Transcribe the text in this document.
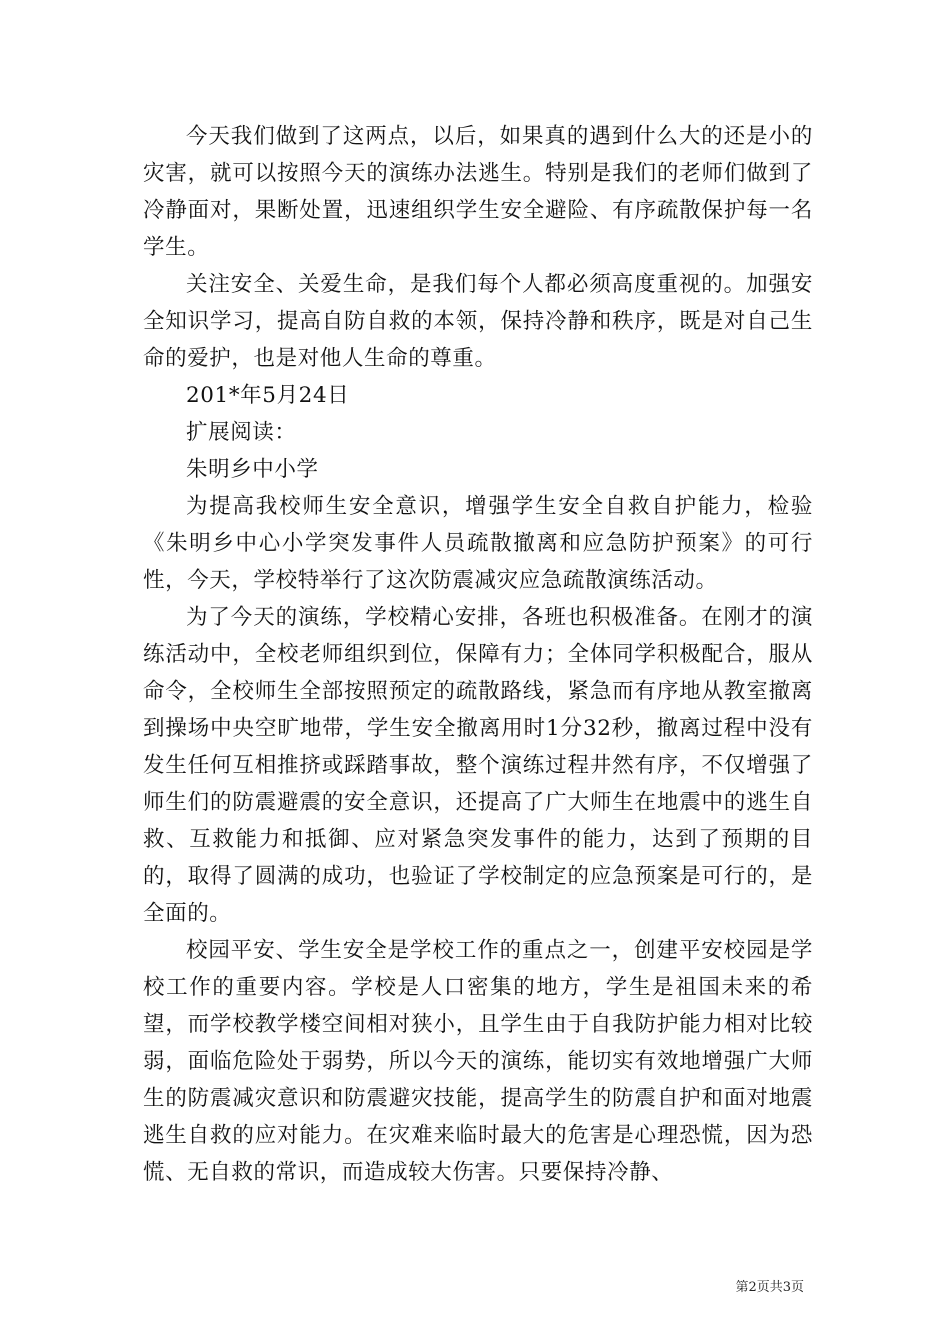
今天我们做到了这两点，以后，如果真的遇到什么大的还是小的灾害，就可以按照今天的演练办法逃生。特别是我们的老师们做到了冷静面对，果断处置，迅速组织学生安全避险、有序疏散保护每一名学生。

关注安全、关爱生命，是我们每个人都必须高度重视的。加强安全知识学习，提高自防自救的本领，保持冷静和秩序，既是对自己生命的爱护，也是对他人生命的尊重。

201*年5月24日

扩展阅读：

朱明乡中小学

为提高我校师生安全意识，增强学生安全自救自护能力，检验《朱明乡中心小学突发事件人员疏散撤离和应急防护预案》的可行性，今天，学校特举行了这次防震减灾应急疏散演练活动。

为了今天的演练，学校精心安排，各班也积极准备。在刚才的演练活动中，全校老师组织到位，保障有力；全体同学积极配合，服从命令，全校师生全部按照预定的疏散路线，紧急而有序地从教室撤离到操场中央空旷地带，学生安全撤离用时1分32秒，撤离过程中没有发生任何互相推挤或踩踏事故，整个演练过程井然有序，不仅增强了师生们的防震避震的安全意识，还提高了广大师生在地震中的逃生自救、互救能力和抵御、应对紧急突发事件的能力，达到了预期的目的，取得了圆满的成功，也验证了学校制定的应急预案是可行的，是全面的。

校园平安、学生安全是学校工作的重点之一，创建平安校园是学校工作的重要内容。学校是人口密集的地方，学生是祖国未来的希望，而学校教学楼空间相对狭小，且学生由于自我防护能力相对比较弱，面临危险处于弱势，所以今天的演练，能切实有效地增强广大师生的防震减灾意识和防震避灾技能，提高学生的防震自护和面对地震逃生自救的应对能力。在灾难来临时最大的危害是心理恐慌，因为恐慌、无自救的常识，而造成较大伤害。只要保持冷静、

第2页共3页
